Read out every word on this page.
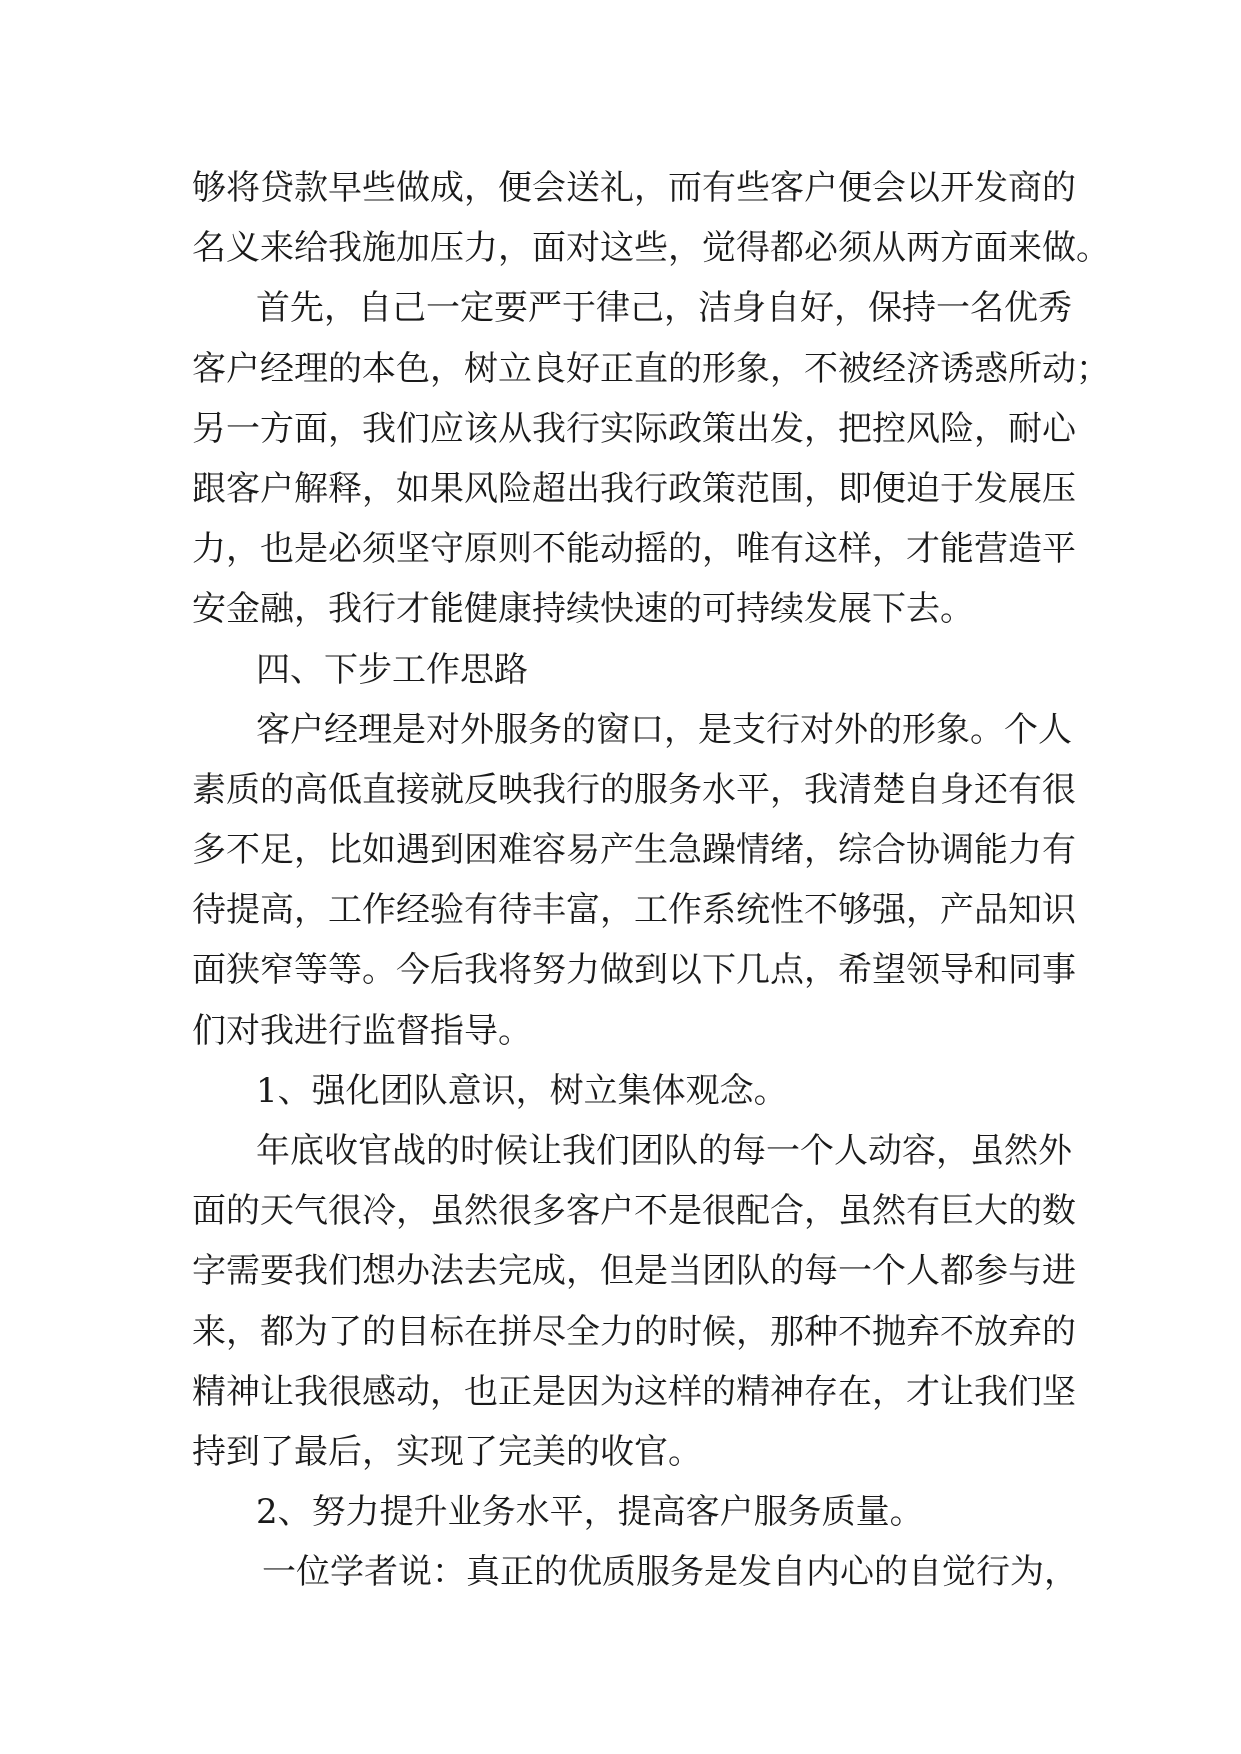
够将贷款早些做成，便会送礼，而有些客户便会以开发商的
名义来给我施加压力，面对这些，觉得都必须从两方面来做。
首先，自己一定要严于律己，洁身自好，保持一名优秀
客户经理的本色，树立良好正直的形象，不被经济诱惑所动；
另一方面，我们应该从我行实际政策出发，把控风险，耐心
跟客户解释，如果风险超出我行政策范围，即便迫于发展压
力，也是必须坚守原则不能动摇的，唯有这样，才能营造平
安金融，我行才能健康持续快速的可持续发展下去。
四、下步工作思路
客户经理是对外服务的窗口，是支行对外的形象。个人
素质的高低直接就反映我行的服务水平，我清楚自身还有很
多不足，比如遇到困难容易产生急躁情绪，综合协调能力有
待提高，工作经验有待丰富，工作系统性不够强，产品知识
面狭窄等等。今后我将努力做到以下几点，希望领导和同事
们对我进行监督指导。
1、强化团队意识，树立集体观念。
年底收官战的时候让我们团队的每一个人动容，虽然外
面的天气很冷，虽然很多客户不是很配合，虽然有巨大的数
字需要我们想办法去完成，但是当团队的每一个人都参与进
来，都为了的目标在拼尽全力的时候，那种不抛弃不放弃的
精神让我很感动，也正是因为这样的精神存在，才让我们坚
持到了最后，实现了完美的收官。
2、努力提升业务水平，提高客户服务质量。
一位学者说：真正的优质服务是发自内心的自觉行为，
